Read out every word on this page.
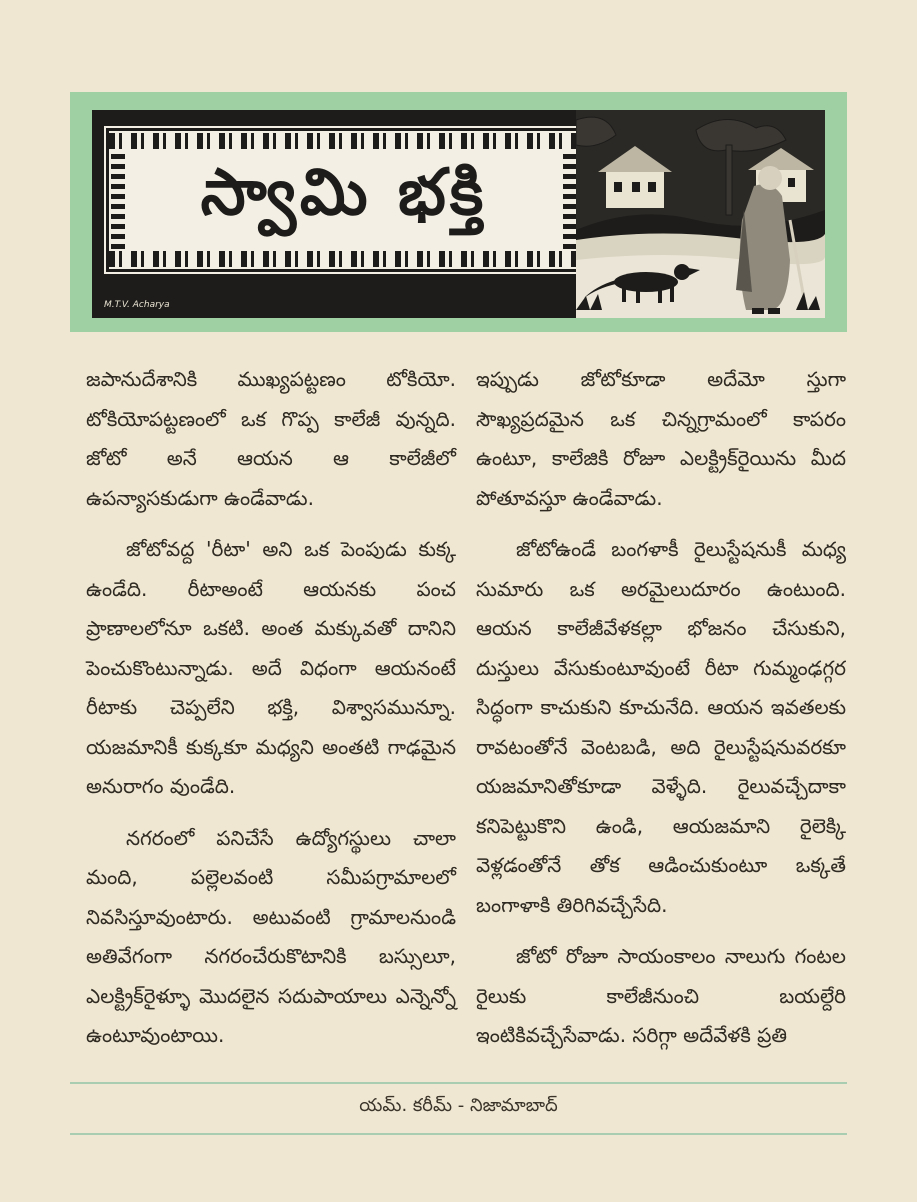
స్వామి భక్తి
M.T.V. Acharya

జపానుదేశానికి ముఖ్యపట్టణం టోకియో. టోకియోపట్టణంలో ఒక గొప్ప కాలేజీ వున్నది. జోటో అనే ఆయన ఆ కాలేజీలో ఉపన్యాసకుడుగా ఉండేవాడు.

జోటోవద్ద 'రీటా' అని ఒక పెంపుడు కుక్క ఉండేది. రీటాఅంటే ఆయనకు పంచ ప్రాణాలలోనూ ఒకటి. అంత మక్కువతో దానిని పెంచుకొంటున్నాడు. అదే విధంగా ఆయనంటే రీటాకు చెప్పలేని భక్తి, విశ్వాసమున్నూ. యజమానికీ కుక్కకూ మధ్యని అంతటి గాఢమైన అనురాగం వుండేది.

నగరంలో పనిచేసే ఉద్యోగస్థులు చాలా మంది, పల్లెలవంటి సమీపగ్రామాలలో నివసిస్తూవుంటారు. అటువంటి గ్రామాలనుండి అతివేగంగా నగరంచేరుకొటానికి బస్సులూ, ఎలక్ట్రిక్‌రైళ్ళూ మొదలైన సదుపాయాలు ఎన్నెన్నో ఉంటూవుంటాయి.

ఇప్పుడు జోటోకూడా అదేమో స్తుగా సౌఖ్యప్రదమైన ఒక చిన్నగ్రామంలో కాపరం ఉంటూ, కాలేజికి రోజూ ఎలక్ట్రిక్‌రైయిను మీద పోతూవస్తూ ఉండేవాడు.

జోటోఉండే బంగళాకీ రైలుస్టేషనుకీ మధ్య సుమారు ఒక అరమైలుదూరం ఉంటుంది. ఆయన కాలేజీవేళకల్లా భోజనం చేసుకుని, దుస్తులు వేసుకుంటూవుంటే రీటా గుమ్మంఢగ్గర సిద్ధంగా కాచుకుని కూచునేది. ఆయన ఇవతలకు రావటంతోనే వెంటబడి, అది రైలుస్టేషనువరకూ యజమానితోకూడా వెళ్ళేది. రైలువచ్చేదాకా కనిపెట్టుకొని ఉండి, ఆయజమాని రైలెక్కి వెళ్లడంతోనే తోక ఆడించుకుంటూ ఒక్కతే బంగాళాకి తిరిగివచ్చేసేది.

జోటో రోజూ సాయంకాలం నాలుగు గంటల రైలుకు కాలేజీనుంచి బయల్దేరి ఇంటికివచ్చేసేవాడు. సరిగ్గా అదేవేళకి ప్రతి

యమ్. కరీమ్ - నిజామాబాద్
